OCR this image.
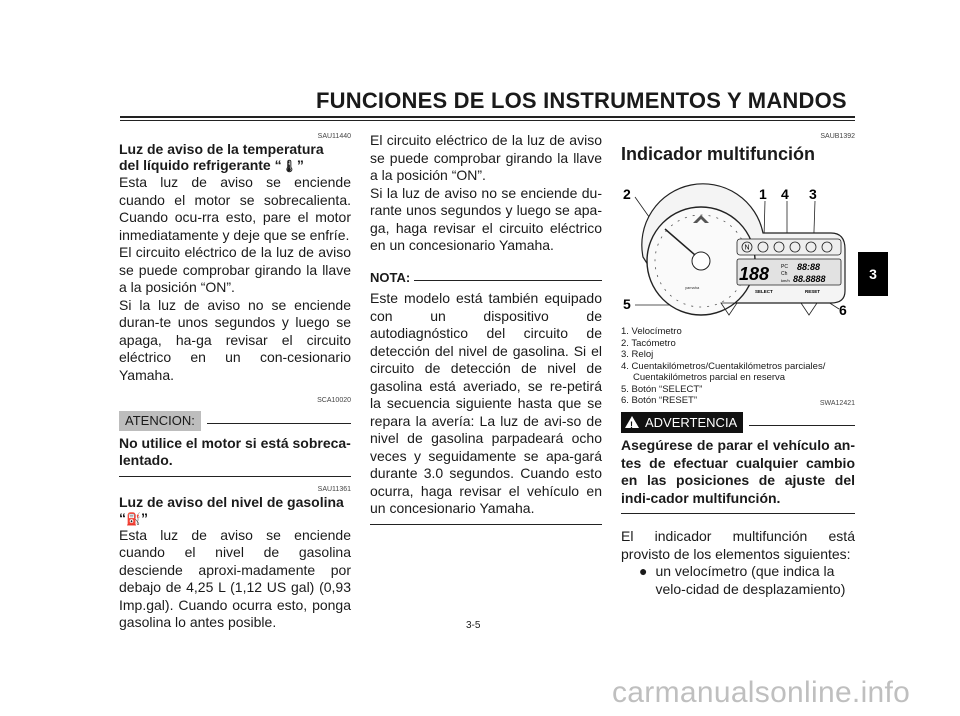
FUNCIONES DE LOS INSTRUMENTOS Y MANDOS
3
SAU11440
Luz de aviso de la temperatura
del líquido refrigerante “🌡”

Esta luz de aviso se enciende cuando el motor se sobrecalienta. Cuando ocu-rra esto, pare el motor inmediatamente y deje que se enfríe.

El circuito eléctrico de la luz de aviso se puede comprobar girando la llave a la posición “ON”.

Si la luz de aviso no se enciende duran-te unos segundos y luego se apaga, ha-ga revisar el circuito eléctrico en un con-cesionario Yamaha.

SCA10020
ATENCION:

No utilice el motor si está sobreca-lentado.

SAU11361
Luz de aviso del nivel de gasolina
“⛽”

Esta luz de aviso se enciende cuando el nivel de gasolina desciende aproxi-madamente por debajo de 4,25 L (1,12 US gal) (0,93 Imp.gal). Cuando ocurra esto, ponga gasolina lo antes posible.

El circuito eléctrico de la luz de aviso se puede comprobar girando la llave a la posición “ON”.

Si la luz de aviso no se enciende du-rante unos segundos y luego se apa-ga, haga revisar el circuito eléctrico en un concesionario Yamaha.

NOTA:

Este modelo está también equipado con un dispositivo de autodiagnóstico del circuito de detección del nivel de gasolina. Si el circuito de detección de nivel de gasolina está averiado, se re-petirá la secuencia siguiente hasta que se repara la avería: La luz de avi-so de nivel de gasolina parpadeará ocho veces y seguidamente se apa-gará durante 3.0 segundos. Cuando esto ocurra, haga revisar el vehículo en un concesionario Yamaha.

SAUB1392
Indicador multifunción
2	1 4 3
5	6
yamaha
N
188 PC
Ch
km/h
88:88
88.8888
SELECT	RESET
1. Velocímetro
2. Tacómetro
3. Reloj
4. Cuentakilómetros/Cuentakilómetros parciales/
Cuentakilómetros parcial en reserva
5. Botón “SELECT”
6. Botón “RESET”	SWA12421
! ADVERTENCIA

Asegúrese de parar el vehículo an-tes de efectuar cualquier cambio en las posiciones de ajuste del indi-cador multifunción.

El indicador multifunción está provisto de los elementos siguientes:

● un velocímetro (que indica la velo-cidad de desplazamiento)
3-5
carmanualsonline.info
